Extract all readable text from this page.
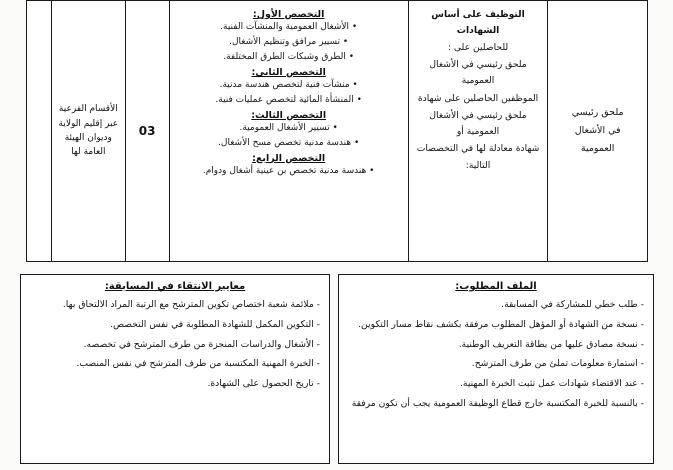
ملحق رئيسي
في الأشغال
العمومية
التوظيف على أساس الشهادات
للحاصلين على :
ملحق رئيسي في الأشغال العمومية
الموظفين الحاصلين على شهادة
ملحق رئيسي في الأشغال العمومية أو
شهادة معادلة لها في التخصصات
التالية:
التخصص الأول:
• الأشغال العمومية والمنشآت الفنية.
• تسيير مرافق وتنظيم الأشغال.
• الطرق وشبكات الطرق المختلفة.
التخصص الثاني:
• منشآت فنية لتخصص هندسة مدنية.
• المنشأة المائية لتخصص عمليات فنية.
التخصص الثالث:
• تسيير الأشغال العمومية.
• هندسة مدنية تخصص مسح الأشغال.
التخصص الرابع:
• هندسة مدنية تخصص بن عينية أشغال ودوام.
03
الأقسام الفرعية
عبر إقليم الولاية
وديوان الهيئة
العامة لها
الملف المطلوب:
- طلب خطي للمشاركة في المسابقة.
- نسخة من الشهادة أو المؤهل المطلوب مرفقة بكشف نقاط مسار التكوين.
- نسخة مصادق عليها من بطاقة التعريف الوطنية.
- استمارة معلومات تملئ من طرف المترشح.
- عند الاقتضاء شهادات عمل تثبت الخبرة المهنية.
- بالنسبة للخبرة المكتسبة خارج قطاع الوظيفة العمومية يجب أن تكون مرفقة
معايير الانتقاء في المسابقة:
- ملائمة شعبة اختصاص تكوين المترشح مع الرتبة المراد الالتحاق بها.
- التكوين المكمل للشهادة المطلوبة في نفس التخصص.
- الأشغال والدراسات المنجزة من طرف المترشح في تخصصه.
- الخبرة المهنية المكتسبة من طرف المترشح في نفس المنصب.
- تاريخ الحصول على الشهادة.
